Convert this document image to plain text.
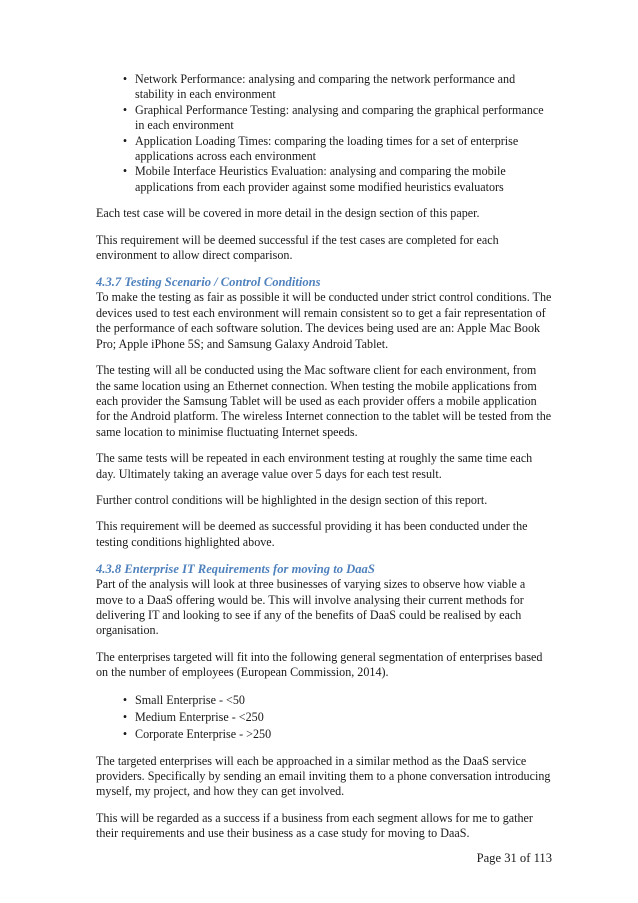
• Network Performance: analysing and comparing the network performance and stability in each environment
• Graphical Performance Testing: analysing and comparing the graphical performance in each environment
• Application Loading Times: comparing the loading times for a set of enterprise applications across each environment
• Mobile Interface Heuristics Evaluation: analysing and comparing the mobile applications from each provider against some modified heuristics evaluators

Each test case will be covered in more detail in the design section of this paper.

This requirement will be deemed successful if the test cases are completed for each environment to allow direct comparison.

4.3.7 Testing Scenario / Control Conditions

To make the testing as fair as possible it will be conducted under strict control conditions. The devices used to test each environment will remain consistent so to get a fair representation of the performance of each software solution. The devices being used are an: Apple Mac Book Pro; Apple iPhone 5S; and Samsung Galaxy Android Tablet.

The testing will all be conducted using the Mac software client for each environment, from the same location using an Ethernet connection. When testing the mobile applications from each provider the Samsung Tablet will be used as each provider offers a mobile application for the Android platform. The wireless Internet connection to the tablet will be tested from the same location to minimise fluctuating Internet speeds.

The same tests will be repeated in each environment testing at roughly the same time each day. Ultimately taking an average value over 5 days for each test result.

Further control conditions will be highlighted in the design section of this report.

This requirement will be deemed as successful providing it has been conducted under the testing conditions highlighted above.

4.3.8 Enterprise IT Requirements for moving to DaaS

Part of the analysis will look at three businesses of varying sizes to observe how viable a move to a DaaS offering would be. This will involve analysing their current methods for delivering IT and looking to see if any of the benefits of DaaS could be realised by each organisation.

The enterprises targeted will fit into the following general segmentation of enterprises based on the number of employees (European Commission, 2014).

• Small Enterprise - <50
• Medium Enterprise - <250
• Corporate Enterprise - >250

The targeted enterprises will each be approached in a similar method as the DaaS service providers. Specifically by sending an email inviting them to a phone conversation introducing myself, my project, and how they can get involved.

This will be regarded as a success if a business from each segment allows for me to gather their requirements and use their business as a case study for moving to DaaS.

Page 31 of 113
